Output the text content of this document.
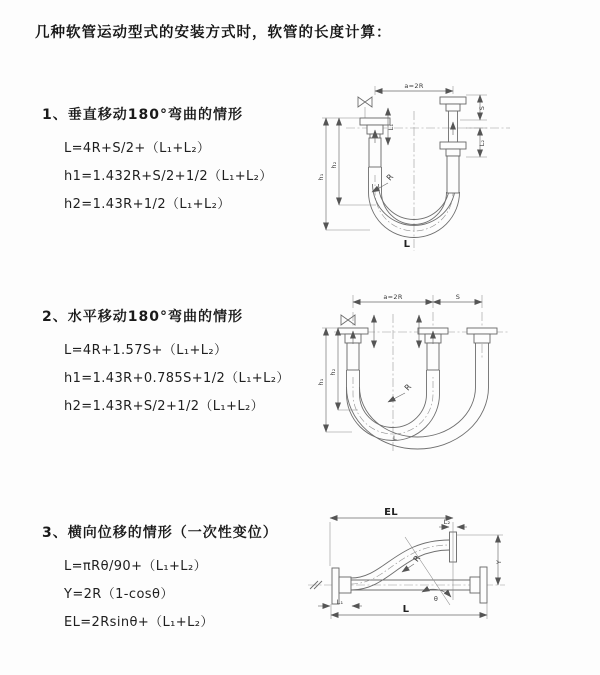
几种软管运动型式的安装方式时，软管的长度计算：
1、垂直移动180°弯曲的情形
L=4R+S/2+（L₁+L₂）
h1=1.432R+S/2+1/2（L₁+L₂）
h2=1.43R+1/2（L₁+L₂）
a=2R
h₁
h₂
L₁
S
L₂
R
L
2、水平移动180°弯曲的情形
L=4R+1.57S+（L₁+L₂）
h1=1.43R+0.785S+1/2（L₁+L₂）
h2=1.43R+S/2+1/2（L₁+L₂）
a=2R	S
h₁
h₂
R
L
3、横向位移的情形（一次性变位）
L=πRθ/90+（L₁+L₂）
Y=2R（1-cosθ）
EL=2Rsinθ+（L₁+L₂）
EL
L₂
Y
R
θ
L₁
L
